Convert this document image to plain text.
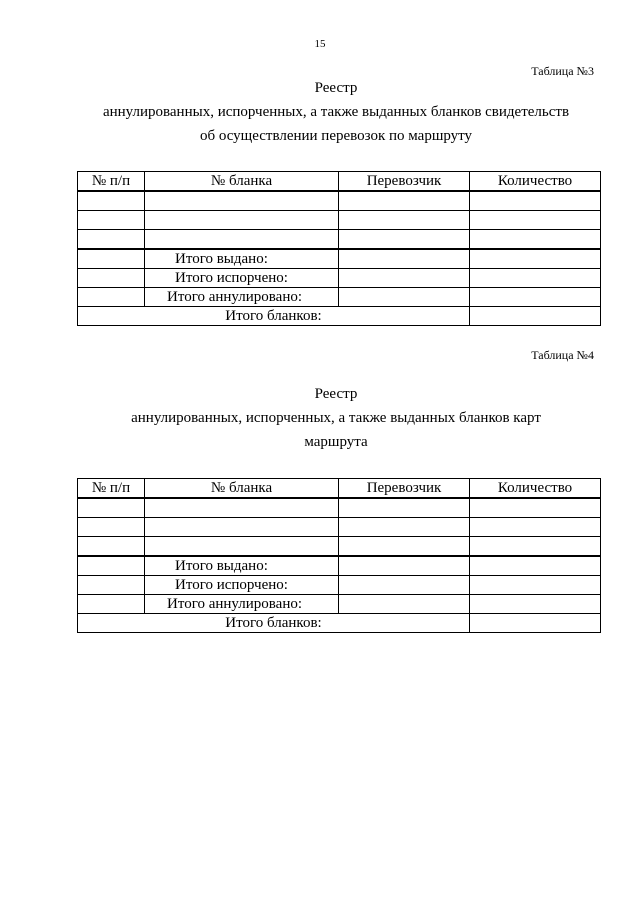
15
Таблица №3
Реестр
аннулированных, испорченных, а также выданных бланков свидетельств
об осуществлении перевозок по маршруту
№ п/п	№ бланка	Перевозчик	Количество

	Итого выдано:		
	Итого испорчено:		
	Итого аннулировано:		
Итого бланков:			
Таблица №4
Реестр
аннулированных, испорченных, а также выданных бланков карт
маршрута
№ п/п	№ бланка	Перевозчик	Количество

	Итого выдано:		
	Итого испорчено:		
	Итого аннулировано:		
Итого бланков:			
